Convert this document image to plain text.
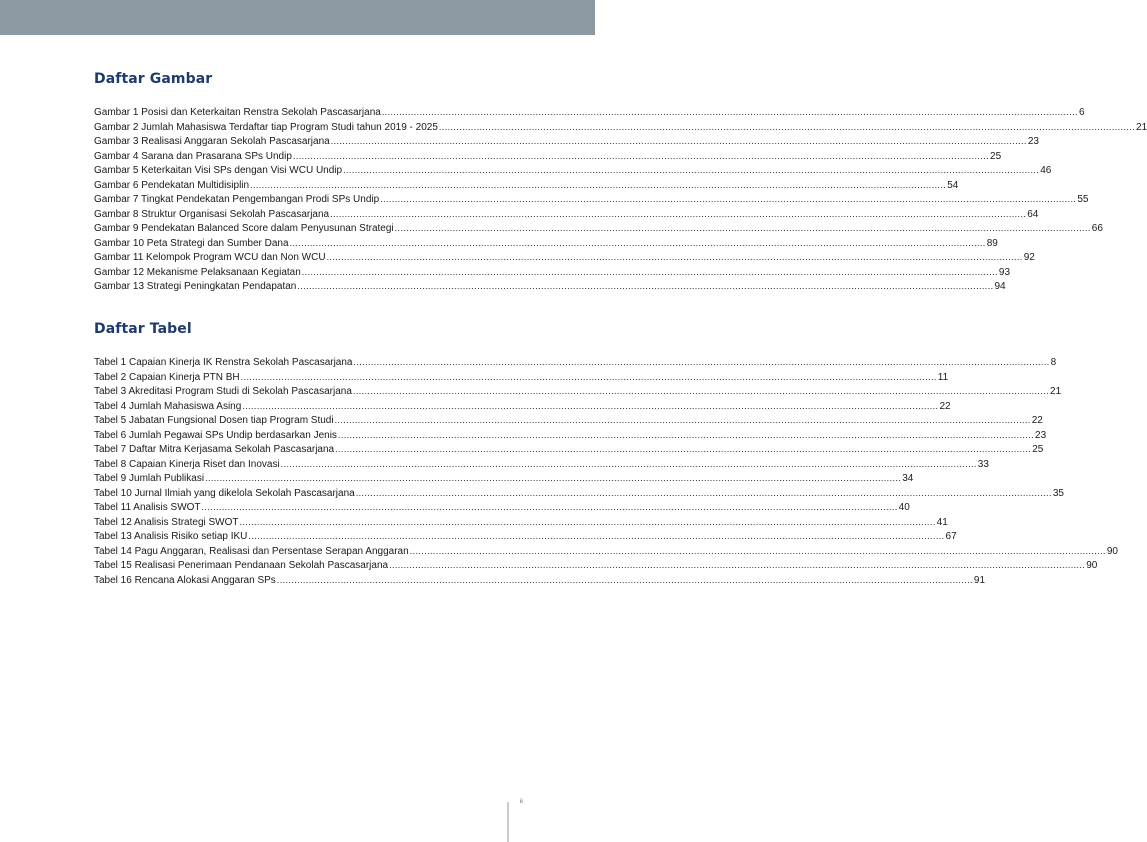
Daftar Gambar
Gambar 1 Posisi dan Keterkaitan Renstra Sekolah Pascasarjana .....	6
Gambar 2 Jumlah Mahasiswa Terdaftar tiap Program Studi tahun 2019 - 2025 .....	21
Gambar 3 Realisasi Anggaran Sekolah Pascasarjana .....	23
Gambar 4 Sarana dan Prasarana SPs Undip .....	25
Gambar 5 Keterkaitan Visi SPs dengan Visi WCU Undip .....	46
Gambar 6 Pendekatan Multidisiplin .....	54
Gambar 7 Tingkat Pendekatan Pengembangan Prodi SPs Undip .....	55
Gambar 8 Struktur Organisasi Sekolah Pascasarjana .....	64
Gambar 9 Pendekatan Balanced Score dalam Penyusunan Strategi .....	66
Gambar 10 Peta Strategi dan Sumber Dana .....	89
Gambar 11 Kelompok Program WCU dan Non WCU .....	92
Gambar 12 Mekanisme Pelaksanaan Kegiatan .....	93
Gambar 13 Strategi Peningkatan Pendapatan .....	94
Daftar Tabel
Tabel 1 Capaian Kinerja IK Renstra Sekolah Pascasarjana .....	8
Tabel 2 Capaian Kinerja PTN BH .....	11
Tabel 3 Akreditasi Program Studi di Sekolah Pascasarjana .....	21
Tabel 4 Jumlah Mahasiswa Asing .....	22
Tabel 5 Jabatan Fungsional Dosen tiap Program Studi .....	22
Tabel 6 Jumlah Pegawai SPs Undip berdasarkan Jenis .....	23
Tabel 7 Daftar Mitra Kerjasama Sekolah Pascasarjana .....	25
Tabel 8 Capaian Kinerja Riset dan Inovasi .....	33
Tabel 9 Jumlah Publikasi .....	34
Tabel 10 Jurnal Ilmiah yang dikelola Sekolah Pascasarjana .....	35
Tabel 11 Analisis SWOT .....	40
Tabel 12 Analisis Strategi SWOT .....	41
Tabel 13 Analisis Risiko setiap IKU .....	67
Tabel 14 Pagu Anggaran, Realisasi dan Persentase Serapan Anggaran .....	90
Tabel 15 Realisasi Penerimaan Pendanaan Sekolah Pascasarjana .....	90
Tabel 16 Rencana Alokasi Anggaran SPs .....	91
ii
